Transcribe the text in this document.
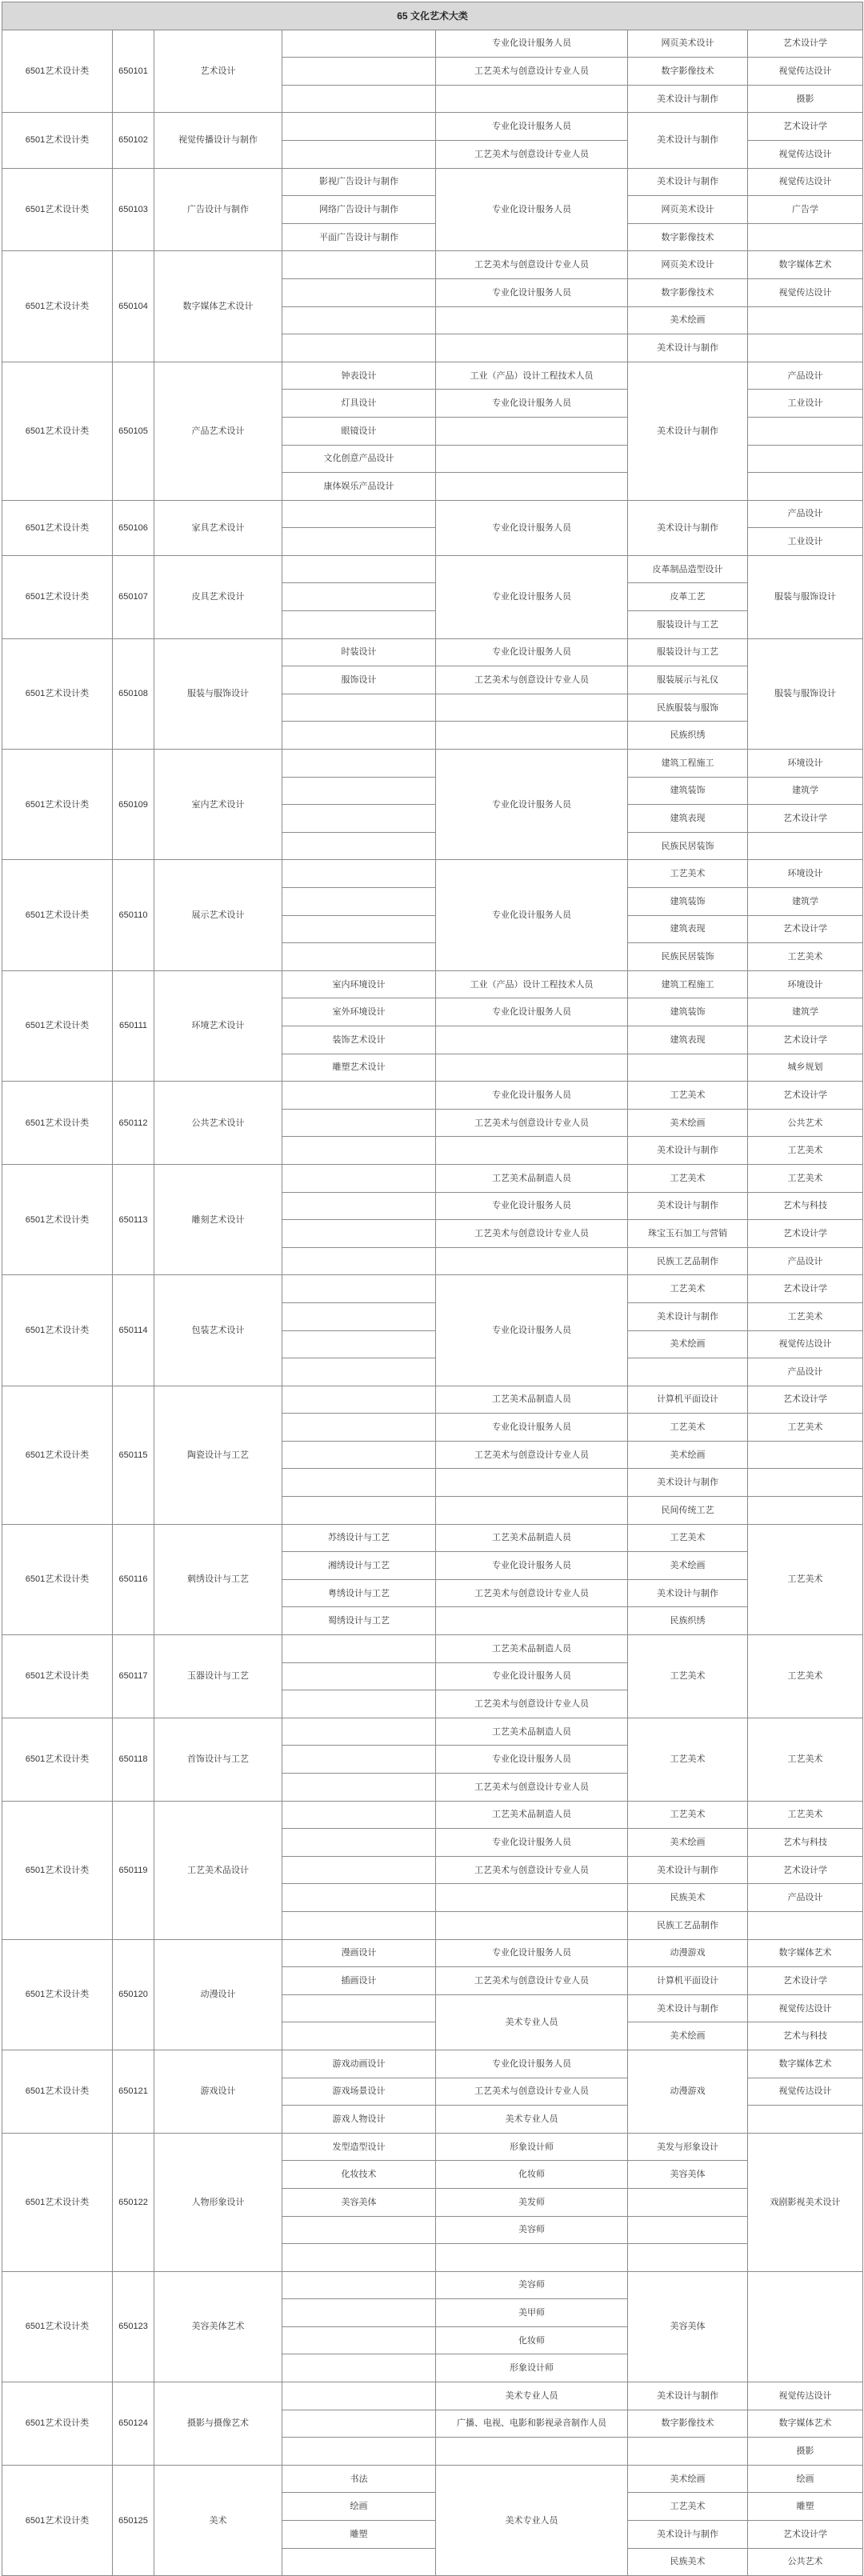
65 文化艺术大类						
6501艺术设计类	650101	艺术设计		专业化设计服务人员	网页美术设计	艺术设计学
				工艺美术与创意设计专业人员	数字影像技术	视觉传达设计
					美术设计与制作	摄影
6501艺术设计类	650102	视觉传播设计与制作		专业化设计服务人员	美术设计与制作	艺术设计学
				工艺美术与创意设计专业人员		视觉传达设计
6501艺术设计类	650103	广告设计与制作	影视广告设计与制作	专业化设计服务人员	美术设计与制作	视觉传达设计
			网络广告设计与制作		网页美术设计	广告学
			平面广告设计与制作		数字影像技术	
6501艺术设计类	650104	数字媒体艺术设计		工艺美术与创意设计专业人员	网页美术设计	数字媒体艺术
				专业化设计服务人员	数字影像技术	视觉传达设计
					美术绘画	
					美术设计与制作	
6501艺术设计类	650105	产品艺术设计	钟表设计	工业（产品）设计工程技术人员	美术设计与制作	产品设计
			灯具设计	专业化设计服务人员		工业设计
			眼镜设计			
			文化创意产品设计			
			康体娱乐产品设计			
6501艺术设计类	650106	家具艺术设计		专业化设计服务人员	美术设计与制作	产品设计
						工业设计
6501艺术设计类	650107	皮具艺术设计		专业化设计服务人员	皮革制品造型设计	服装与服饰设计
					皮革工艺	
					服装设计与工艺	
6501艺术设计类	650108	服装与服饰设计	时装设计	专业化设计服务人员	服装设计与工艺	服装与服饰设计
			服饰设计	工艺美术与创意设计专业人员	服装展示与礼仪	
					民族服装与服饰	
					民族织绣	
6501艺术设计类	650109	室内艺术设计		专业化设计服务人员	建筑工程施工	环境设计
					建筑装饰	建筑学
					建筑表现	艺术设计学
					民族民居装饰	
6501艺术设计类	650110	展示艺术设计		专业化设计服务人员	工艺美术	环境设计
					建筑装饰	建筑学
					建筑表现	艺术设计学
					民族民居装饰	工艺美术
6501艺术设计类	650111	环境艺术设计	室内环境设计	工业（产品）设计工程技术人员	建筑工程施工	环境设计
			室外环境设计	专业化设计服务人员	建筑装饰	建筑学
			装饰艺术设计		建筑表现	艺术设计学
			雕塑艺术设计			城乡规划
6501艺术设计类	650112	公共艺术设计		专业化设计服务人员	工艺美术	艺术设计学
				工艺美术与创意设计专业人员	美术绘画	公共艺术
					美术设计与制作	工艺美术
6501艺术设计类	650113	雕刻艺术设计		工艺美术品制造人员	工艺美术	工艺美术
				专业化设计服务人员	美术设计与制作	艺术与科技
				工艺美术与创意设计专业人员	珠宝玉石加工与营销	艺术设计学
					民族工艺品制作	产品设计
6501艺术设计类	650114	包装艺术设计		专业化设计服务人员	工艺美术	艺术设计学
					美术设计与制作	工艺美术
					美术绘画	视觉传达设计
						产品设计
6501艺术设计类	650115	陶瓷设计与工艺		工艺美术品制造人员	计算机平面设计	艺术设计学
				专业化设计服务人员	工艺美术	工艺美术
				工艺美术与创意设计专业人员	美术绘画	
					美术设计与制作	
					民间传统工艺	
6501艺术设计类	650116	刺绣设计与工艺	苏绣设计与工艺	工艺美术品制造人员	工艺美术	工艺美术
			湘绣设计与工艺	专业化设计服务人员	美术绘画	
			粤绣设计与工艺	工艺美术与创意设计专业人员	美术设计与制作	
			蜀绣设计与工艺		民族织绣	
6501艺术设计类	650117	玉器设计与工艺		工艺美术品制造人员	工艺美术	工艺美术
				专业化设计服务人员		
				工艺美术与创意设计专业人员		
6501艺术设计类	650118	首饰设计与工艺		工艺美术品制造人员	工艺美术	工艺美术
				专业化设计服务人员		
				工艺美术与创意设计专业人员		
6501艺术设计类	650119	工艺美术品设计		工艺美术品制造人员	工艺美术	工艺美术
				专业化设计服务人员	美术绘画	艺术与科技
				工艺美术与创意设计专业人员	美术设计与制作	艺术设计学
					民族美术	产品设计
					民族工艺品制作	
6501艺术设计类	650120	动漫设计	漫画设计	专业化设计服务人员	动漫游戏	数字媒体艺术
			插画设计	工艺美术与创意设计专业人员	计算机平面设计	艺术设计学
				美术专业人员	美术设计与制作	视觉传达设计
					美术绘画	艺术与科技
6501艺术设计类	650121	游戏设计	游戏动画设计	专业化设计服务人员	动漫游戏	数字媒体艺术
			游戏场景设计	工艺美术与创意设计专业人员		视觉传达设计
			游戏人物设计	美术专业人员		
6501艺术设计类	650122	人物形象设计	发型造型设计	形象设计师	美发与形象设计	戏剧影视美术设计
			化妆技术	化妆师	美容美体	
			美容美体	美发师		
				美容师		

6501艺术设计类	650123	美容美体艺术		美容师	美容美体	
				美甲师		
				化妆师		
				形象设计师		
6501艺术设计类	650124	摄影与摄像艺术		美术专业人员	美术设计与制作	视觉传达设计
				广播、电视、电影和影视录音制作人员	数字影像技术	数字媒体艺术
						摄影
6501艺术设计类	650125	美术	书法	美术专业人员	美术绘画	绘画
			绘画		工艺美术	雕塑
			雕塑		美术设计与制作	艺术设计学
					民族美术	公共艺术
